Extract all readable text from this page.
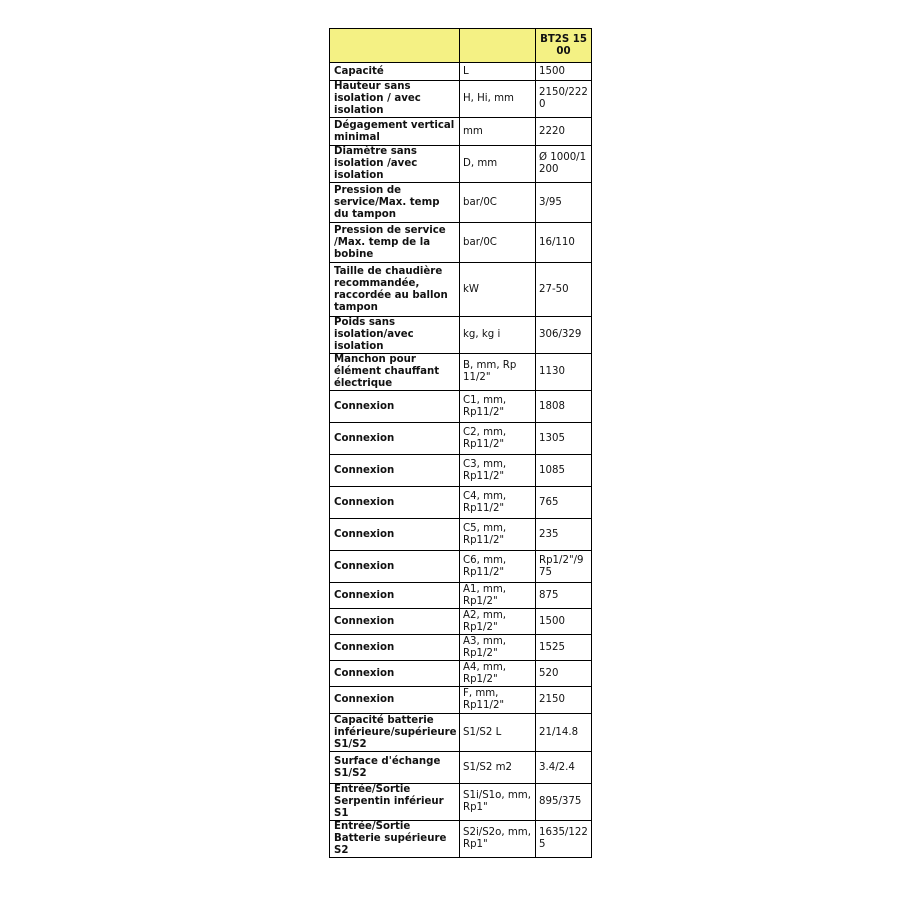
		BT2S 1500
Capacité	L	1500
Hauteur sans isolation / avec isolation	H, Hi, mm	2150/2220
Dégagement vertical minimal	mm	2220
Diamètre sans isolation /avec isolation	D, mm	Ø 1000/1200
Pression de service/Max. temp du tampon	bar/0C	3/95
Pression de service /Max. temp de la bobine	bar/0C	16/110
Taille de chaudière recommandée, raccordée au ballon tampon	kW	27-50
Poids sans isolation/avec isolation	kg, kg i	306/329
Manchon pour élément chauffant électrique	B, mm, Rp 11/2"	1130
Connexion	C1, mm, Rp11/2"	1808
Connexion	C2, mm, Rp11/2"	1305
Connexion	C3, mm, Rp11/2"	1085
Connexion	C4, mm, Rp11/2"	765
Connexion	C5, mm, Rp11/2"	235
Connexion	C6, mm, Rp11/2"	Rp1/2"/975
Connexion	A1, mm, Rp1/2"	875
Connexion	A2, mm, Rp1/2"	1500
Connexion	A3, mm, Rp1/2"	1525
Connexion	A4, mm, Rp1/2"	520
Connexion	F, mm, Rp11/2"	2150
Capacité batterie inférieure/supérieure S1/S2	S1/S2 L	21/14.8
Surface d'échange S1/S2	S1/S2 m2	3.4/2.4
Entrée/Sortie Serpentin inférieur S1	S1i/S1o, mm, Rp1"	895/375
Entrée/Sortie Batterie supérieure S2	S2i/S2o, mm, Rp1"	1635/1225
